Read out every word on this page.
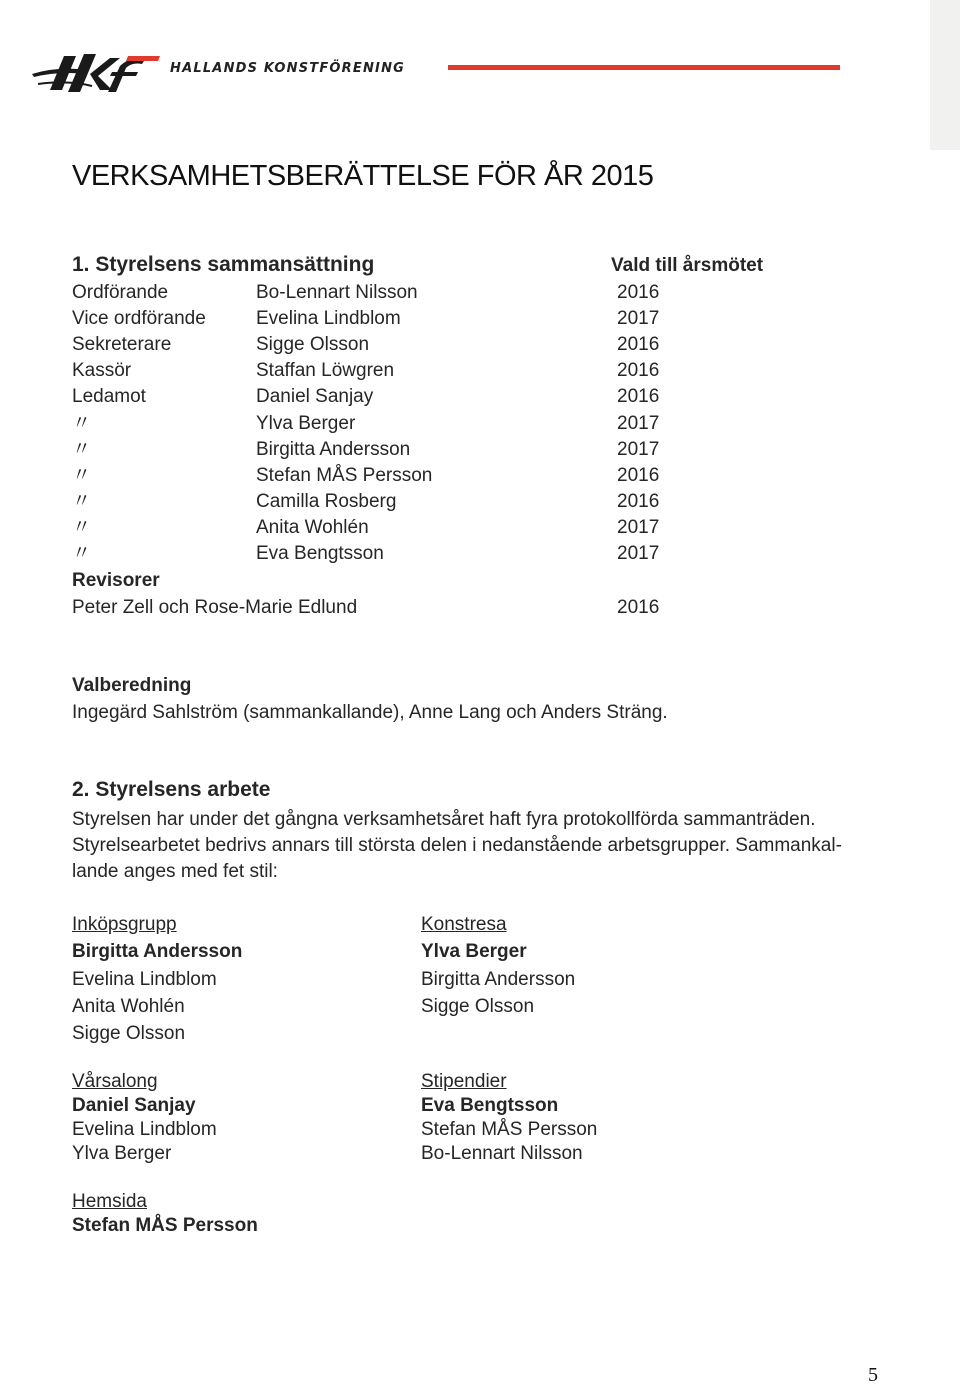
HALLANDS KONSTFÖRENING
VERKSAMHETSBERÄTTELSE FÖR ÅR 2015
1. Styrelsens sammansättning	Vald till årsmötet
Ordförande	Bo-Lennart Nilsson	2016
Vice ordförande	Evelina Lindblom	2017
Sekreterare	Sigge Olsson	2016
Kassör	Staffan Löwgren	2016
Ledamot	Daniel Sanjay	2016
〃	Ylva Berger	2017
〃	Birgitta Andersson	2017
〃	Stefan MÅS Persson	2016
〃	Camilla Rosberg	2016
〃	Anita Wohlén	2017
〃	Eva Bengtsson	2017
Revisorer
Peter Zell och Rose-Marie Edlund	2016
Valberedning
Ingegärd Sahlström (sammankallande), Anne Lang och Anders Sträng.
2. Styrelsens arbete
Styrelsen har under det gångna verksamhetsåret haft fyra protokollförda sammanträden.
Styrelsearbetet bedrivs annars till största delen i nedanstående arbetsgrupper. Sammankal-
lande anges med fet stil:
Inköpsgrupp
Birgitta Andersson
Evelina Lindblom
Anita Wohlén
Sigge Olsson
Konstresa
Ylva Berger
Birgitta Andersson
Sigge Olsson
Vårsalong
Daniel Sanjay
Evelina Lindblom
Ylva Berger
Stipendier
Eva Bengtsson
Stefan MÅS Persson
Bo-Lennart Nilsson
Hemsida
Stefan MÅS Persson
5
